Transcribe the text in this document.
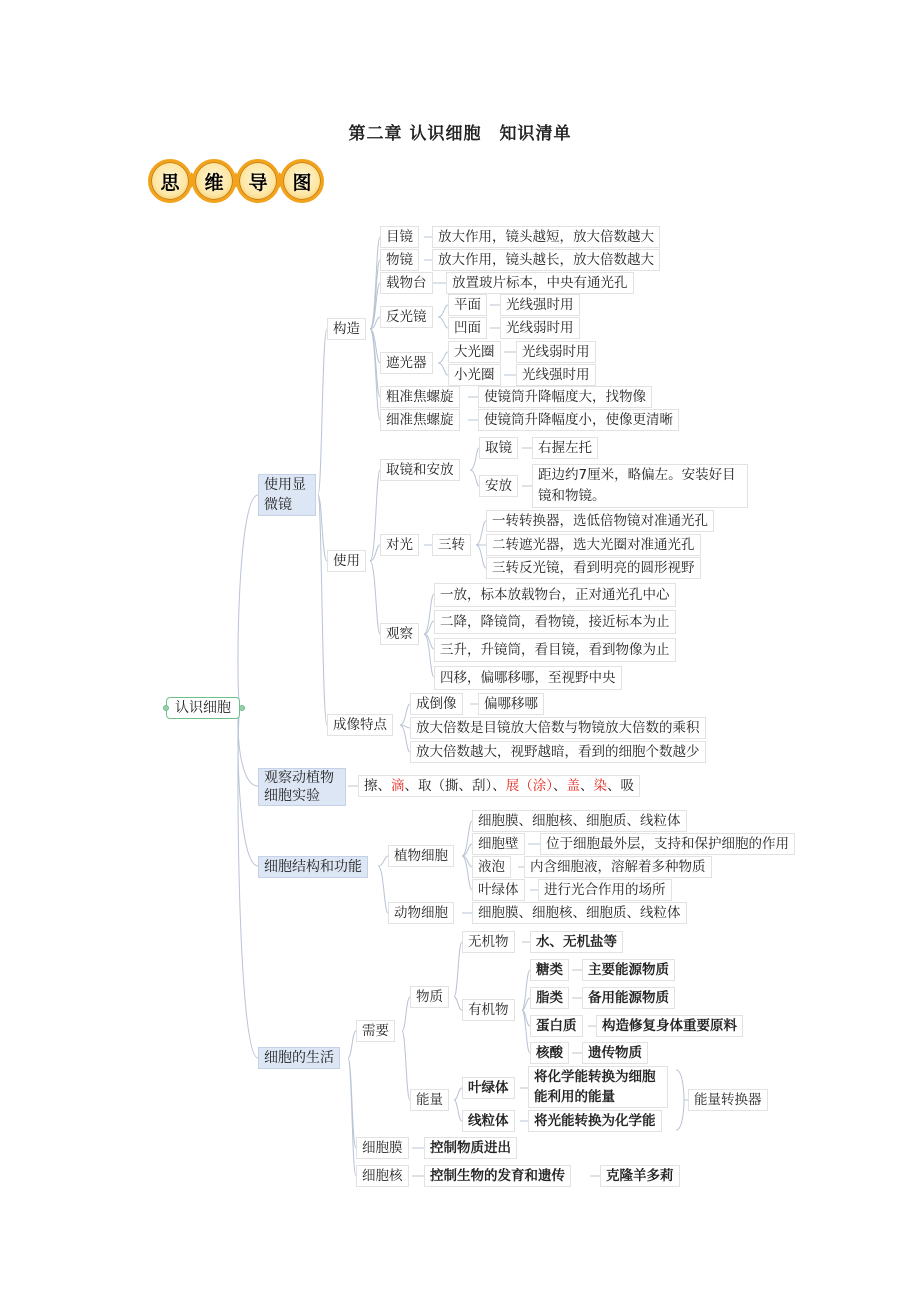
第二章 认识细胞　知识清单
思	维	导	图
认识细胞
使用显微镜
观察动植物细胞实验
细胞结构和功能
细胞的生活
构造
目镜	放大作用，镜头越短，放大倍数越大
物镜	放大作用，镜头越长，放大倍数越大
载物台	放置玻片标本，中央有通光孔
反光镜
平面	光线强时用
凹面	光线弱时用
遮光器
大光圈	光线弱时用
小光圈	光线强时用
粗准焦螺旋	使镜筒升降幅度大，找物像
细准焦螺旋	使镜筒升降幅度小，使像更清晰
使用
取镜和安放
取镜	右握左托
安放
距边约7厘米，略偏左。安装好目镜和物镜。
对光	三转
一转转换器，选低倍物镜对准通光孔
二转遮光器，选大光圈对准通光孔
三转反光镜，看到明亮的圆形视野
观察
一放，标本放载物台，正对通光孔中心
二降，降镜筒，看物镜，接近标本为止
三升，升镜筒，看目镜，看到物像为止
四移，偏哪移哪，至视野中央
成像特点
成倒像	偏哪移哪
放大倍数是目镜放大倍数与物镜放大倍数的乘积
放大倍数越大，视野越暗，看到的细胞个数越少
擦、滴、取（撕、刮）、展（涂）、盖、染、吸
植物细胞
细胞膜、细胞核、细胞质、线粒体
细胞壁	位于细胞最外层，支持和保护细胞的作用
液泡	内含细胞液，溶解着多种物质
叶绿体	进行光合作用的场所
动物细胞	细胞膜、细胞核、细胞质、线粒体
需要
物质
无机物	水、无机盐等
有机物
糖类	主要能源物质
脂类	备用能源物质
蛋白质	构造修复身体重要原料
核酸	遗传物质
能量
叶绿体
将化学能转换为细胞能利用的能量
线粒体	将光能转换为化学能
能量转换器
细胞膜	控制物质进出
细胞核	控制生物的发育和遗传	克隆羊多莉
